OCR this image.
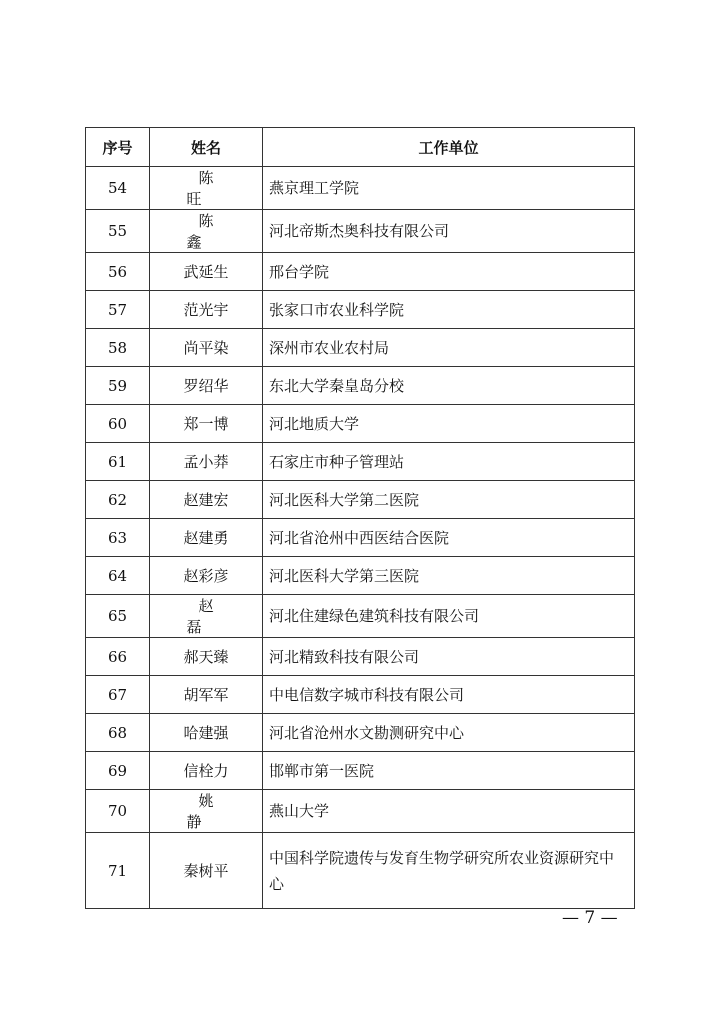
序号	姓名	工作单位
54	陈旺	燕京理工学院
55	陈鑫	河北帝斯杰奥科技有限公司
56	武延生	邢台学院
57	范光宇	张家口市农业科学院
58	尚平染	深州市农业农村局
59	罗绍华	东北大学秦皇岛分校
60	郑一博	河北地质大学
61	孟小莽	石家庄市种子管理站
62	赵建宏	河北医科大学第二医院
63	赵建勇	河北省沧州中西医结合医院
64	赵彩彦	河北医科大学第三医院
65	赵磊	河北住建绿色建筑科技有限公司
66	郝天臻	河北精致科技有限公司
67	胡军军	中电信数字城市科技有限公司
68	哈建强	河北省沧州水文勘测研究中心
69	信栓力	邯郸市第一医院
70	姚静	燕山大学
71	秦树平	中国科学院遗传与发育生物学研究所农业资源研究中心
— 7 —
